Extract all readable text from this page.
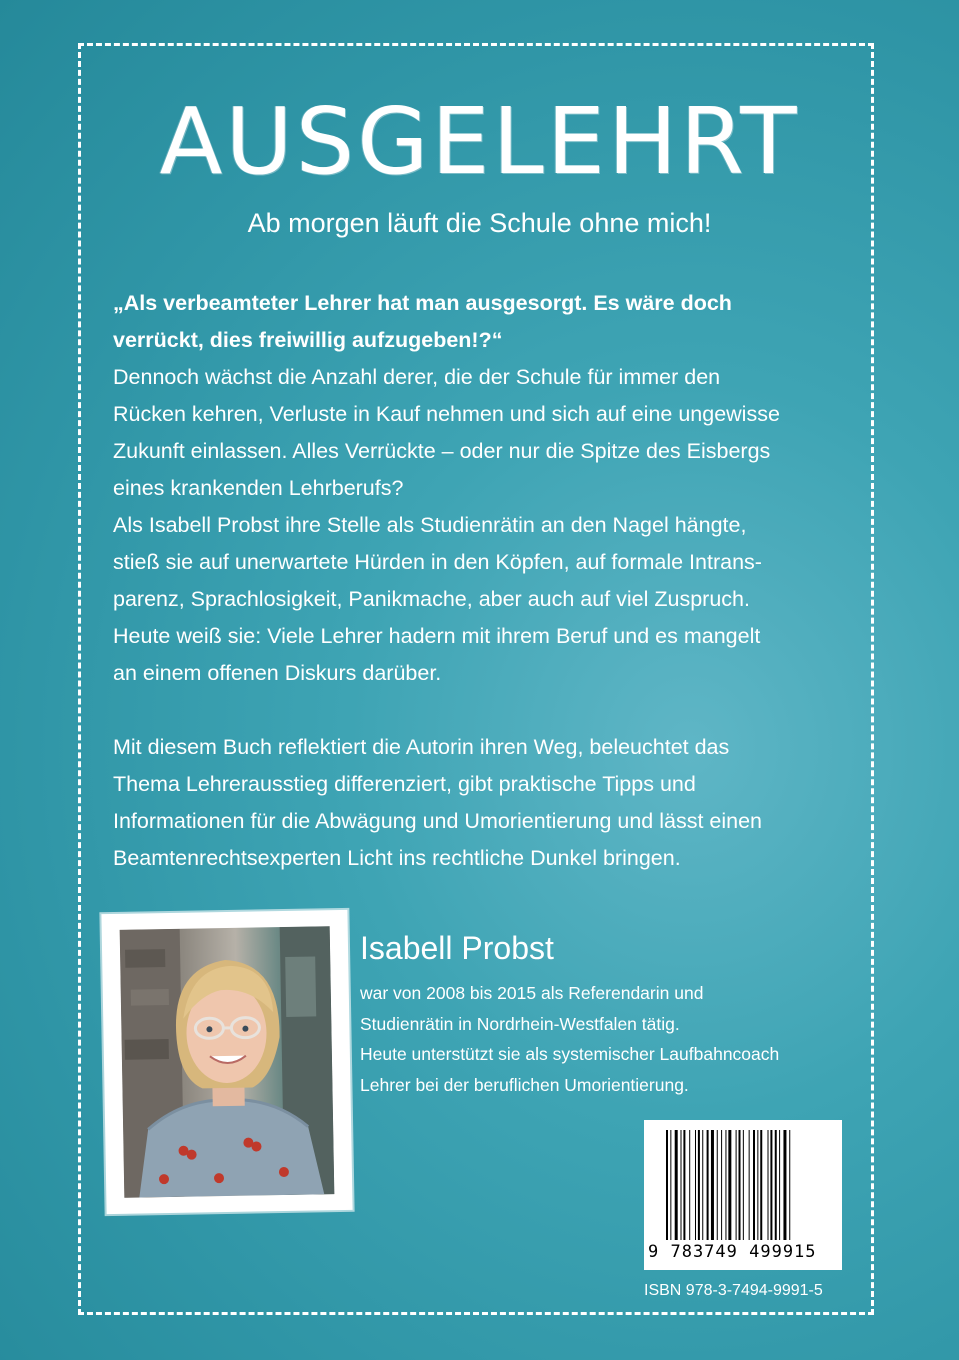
AUSGELEHRT
Ab morgen läuft die Schule ohne mich!

„Als verbeamteter Lehrer hat man ausgesorgt. Es wäre doch

verrückt, dies freiwillig aufzugeben!?“

Dennoch wächst die Anzahl derer, die der Schule für immer den

Rücken kehren, Verluste in Kauf nehmen und sich auf eine ungewisse

Zukunft einlassen. Alles Verrückte – oder nur die Spitze des Eisbergs

eines krankenden Lehrberufs?

Als Isabell Probst ihre Stelle als Studienrätin an den Nagel hängte,

stieß sie auf unerwartete Hürden in den Köpfen, auf formale Intrans-

parenz, Sprachlosigkeit, Panikmache, aber auch auf viel Zuspruch.

Heute weiß sie: Viele Lehrer hadern mit ihrem Beruf und es mangelt

an einem offenen Diskurs darüber.

Mit diesem Buch reflektiert die Autorin ihren Weg, beleuchtet das

Thema Lehrerausstieg differenziert, gibt praktische Tipps und

Informationen für die Abwägung und Umorientierung und lässt einen

Beamtenrechtsexperten Licht ins rechtliche Dunkel bringen.

Isabell Probst

war von 2008 bis 2015 als Referendarin und

Studienrätin in Nordrhein-Westfalen tätig.

Heute unterstützt sie als systemischer Laufbahncoach

Lehrer bei der beruflichen Umorientierung.

9 783749 499915
ISBN 978-3-7494-9991-5
